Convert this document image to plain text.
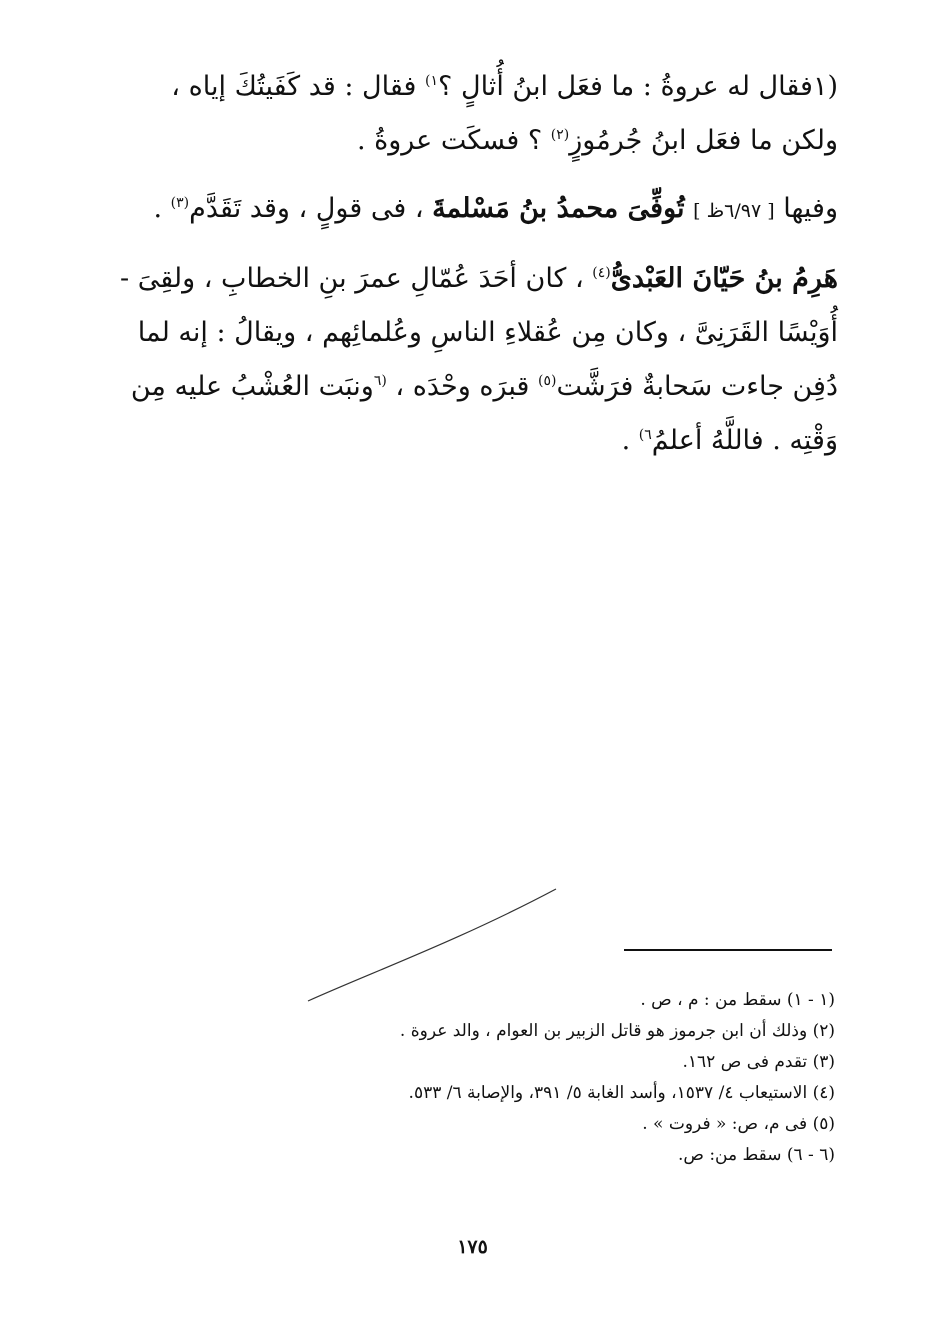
(١فقال له عروةُ : ما فعَل ابنُ أُثالٍ ؟$^{١)}$ فقال : قد كَفَيتُكَ إياه ، ولكن ما فعَل ابنُ جُرمُوزٍ$^{(٢)}$ ؟ فسكَت عروةُ .

وفيها [ ٦/٩٧ظ ] تُوفِّىَ محمدُ بنُ مَسْلمةَ ، فى قولٍ ، وقد تَقَدَّم$^{(٣)}$ .

هَرِمُ بنُ حَيّانَ العَبْدىُّ$^{(٤)}$ ، كان أحَدَ عُمّالِ عمرَ بنِ الخطابِ ، ولقِىَ - أُوَيْسًا القَرَنِىَّ ، وكان مِن عُقلاءِ الناسِ وعُلمائِهم ، ويقالُ : إنه لما دُفِن جاءت سَحابةٌ فرَشَّت$^{(٥)}$ قبرَه وحْدَه ، $^{(٦}$ونبَت العُشْبُ عليه مِن وَقْتِه . فاللَّهُ أعلمُ$^{٦)}$ .

(١ - ١) سقط من : م ، ص .

(٢) وذلك أن ابن جرموز هو قاتل الزبير بن العوام ، والد عروة .

(٣) تقدم فى ص ١٦٢.

(٤) الاستيعاب ٤/ ١٥٣٧، وأسد الغابة ٥/ ٣٩١، والإصابة ٦/ ٥٣٣.

(٥) فى م، ص: « فروت » .

(٦ - ٦) سقط من: ص.

١٧٥
